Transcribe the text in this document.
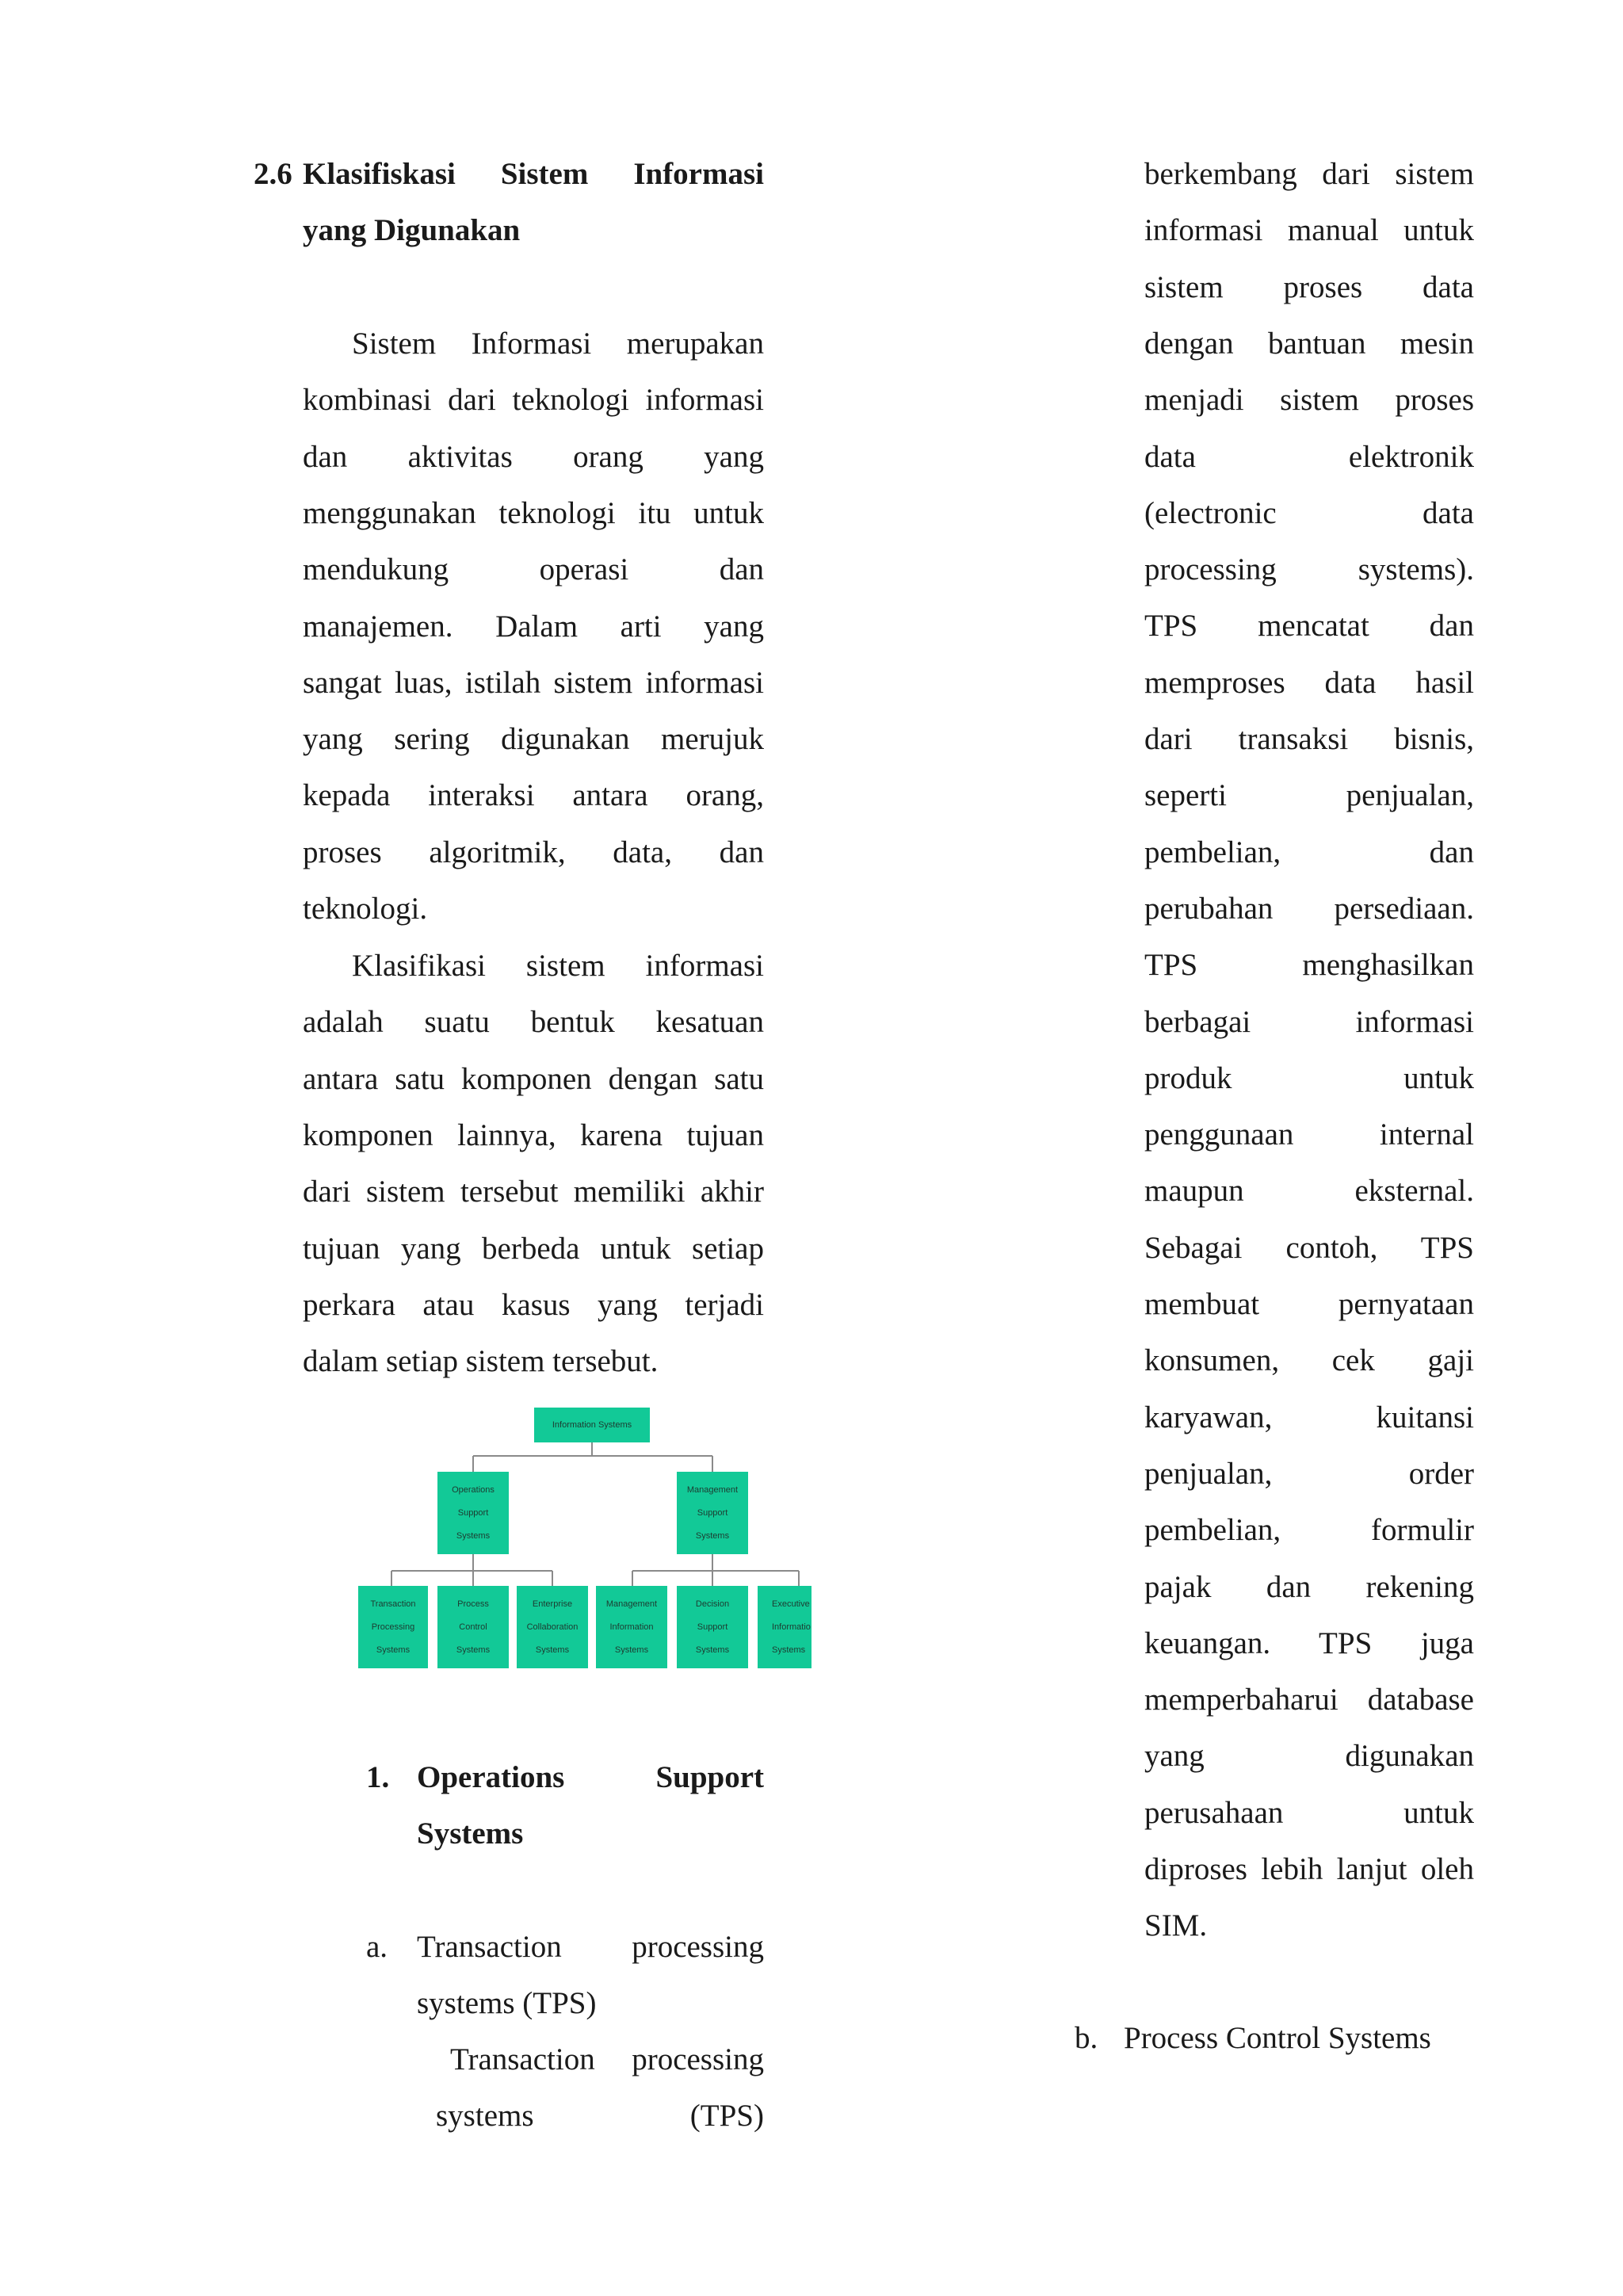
2.6 Klasifiskasi Sistem Informasi
yang Digunakan
Sistem Informasi merupakan
kombinasi dari teknologi informasi
dan aktivitas orang yang
menggunakan teknologi itu untuk
mendukung operasi dan
manajemen. Dalam arti yang
sangat luas, istilah sistem informasi
yang sering digunakan merujuk
kepada interaksi antara orang,
proses algoritmik, data, dan
teknologi.
Klasifikasi sistem informasi
adalah suatu bentuk kesatuan
antara satu komponen dengan satu
komponen lainnya, karena tujuan
dari sistem tersebut memiliki akhir
tujuan yang berbeda untuk setiap
perkara atau kasus yang terjadi
dalam setiap sistem tersebut.
Information Systems
Operations
Support
Systems
Management
Support
Systems
Transaction
Processing
Systems
Process
Control
Systems
Enterprise
Collaboration
Systems
Management
Information
Systems
Decision
Support
Systems
Executive
Informatio
Systems
1. Operations	Support
Systems
a. Transaction processing
systems (TPS)
Transaction processing
systems (TPS)
berkembang dari sistem
informasi manual untuk
sistem proses data
dengan bantuan mesin
menjadi sistem proses
data elektronik
(electronic data
processing systems).
TPS mencatat dan
memproses data hasil
dari transaksi bisnis,
seperti penjualan,
pembelian, dan
perubahan persediaan.
TPS menghasilkan
berbagai informasi
produk untuk
penggunaan internal
maupun eksternal.
Sebagai contoh, TPS
membuat pernyataan
konsumen, cek gaji
karyawan, kuitansi
penjualan, order
pembelian, formulir
pajak dan rekening
keuangan. TPS juga
memperbaharui database
yang digunakan
perusahaan untuk
diproses lebih lanjut oleh
SIM.
b. Process Control Systems
